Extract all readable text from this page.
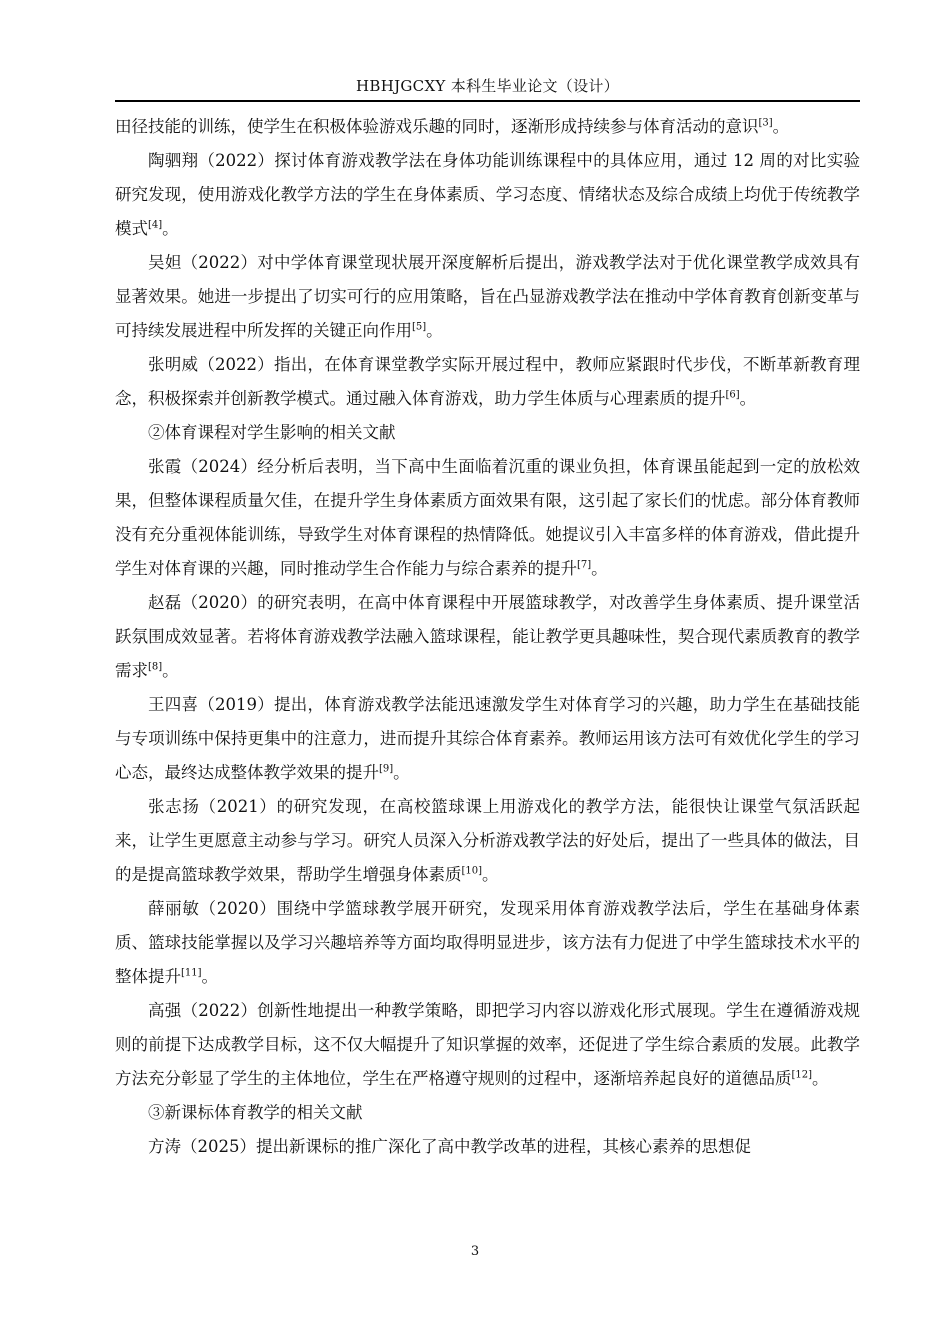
HBHJGCXY 本科生毕业论文（设计）

田径技能的训练，使学生在积极体验游戏乐趣的同时，逐渐形成持续参与体育活动的意识[3]。

陶驷翔（2022）探讨体育游戏教学法在身体功能训练课程中的具体应用，通过 12 周的对比实验研究发现，使用游戏化教学方法的学生在身体素质、学习态度、情绪状态及综合成绩上均优于传统教学模式[4]。

吴妲（2022）对中学体育课堂现状展开深度解析后提出，游戏教学法对于优化课堂教学成效具有显著效果。她进一步提出了切实可行的应用策略，旨在凸显游戏教学法在推动中学体育教育创新变革与可持续发展进程中所发挥的关键正向作用[5]。

张明威（2022）指出，在体育课堂教学实际开展过程中，教师应紧跟时代步伐，不断革新教育理念，积极探索并创新教学模式。通过融入体育游戏，助力学生体质与心理素质的提升[6]。

②体育课程对学生影响的相关文献

张霞（2024）经分析后表明，当下高中生面临着沉重的课业负担，体育课虽能起到一定的放松效果，但整体课程质量欠佳，在提升学生身体素质方面效果有限，这引起了家长们的忧虑。部分体育教师没有充分重视体能训练，导致学生对体育课程的热情降低。她提议引入丰富多样的体育游戏，借此提升学生对体育课的兴趣，同时推动学生合作能力与综合素养的提升[7]。

赵磊（2020）的研究表明，在高中体育课程中开展篮球教学，对改善学生身体素质、提升课堂活跃氛围成效显著。若将体育游戏教学法融入篮球课程，能让教学更具趣味性，契合现代素质教育的教学需求[8]。

王四喜（2019）提出，体育游戏教学法能迅速激发学生对体育学习的兴趣，助力学生在基础技能与专项训练中保持更集中的注意力，进而提升其综合体育素养。教师运用该方法可有效优化学生的学习心态，最终达成整体教学效果的提升[9]。

张志扬（2021）的研究发现，在高校篮球课上用游戏化的教学方法，能很快让课堂气氛活跃起来，让学生更愿意主动参与学习。研究人员深入分析游戏教学法的好处后，提出了一些具体的做法，目的是提高篮球教学效果，帮助学生增强身体素质[10]。

薛丽敏（2020）围绕中学篮球教学展开研究，发现采用体育游戏教学法后，学生在基础身体素质、篮球技能掌握以及学习兴趣培养等方面均取得明显进步，该方法有力促进了中学生篮球技术水平的整体提升[11]。

高强（2022）创新性地提出一种教学策略，即把学习内容以游戏化形式展现。学生在遵循游戏规则的前提下达成教学目标，这不仅大幅提升了知识掌握的效率，还促进了学生综合素质的发展。此教学方法充分彰显了学生的主体地位，学生在严格遵守规则的过程中，逐渐培养起良好的道德品质[12]。

③新课标体育教学的相关文献

方涛（2025）提出新课标的推广深化了高中教学改革的进程，其核心素养的思想促

3
